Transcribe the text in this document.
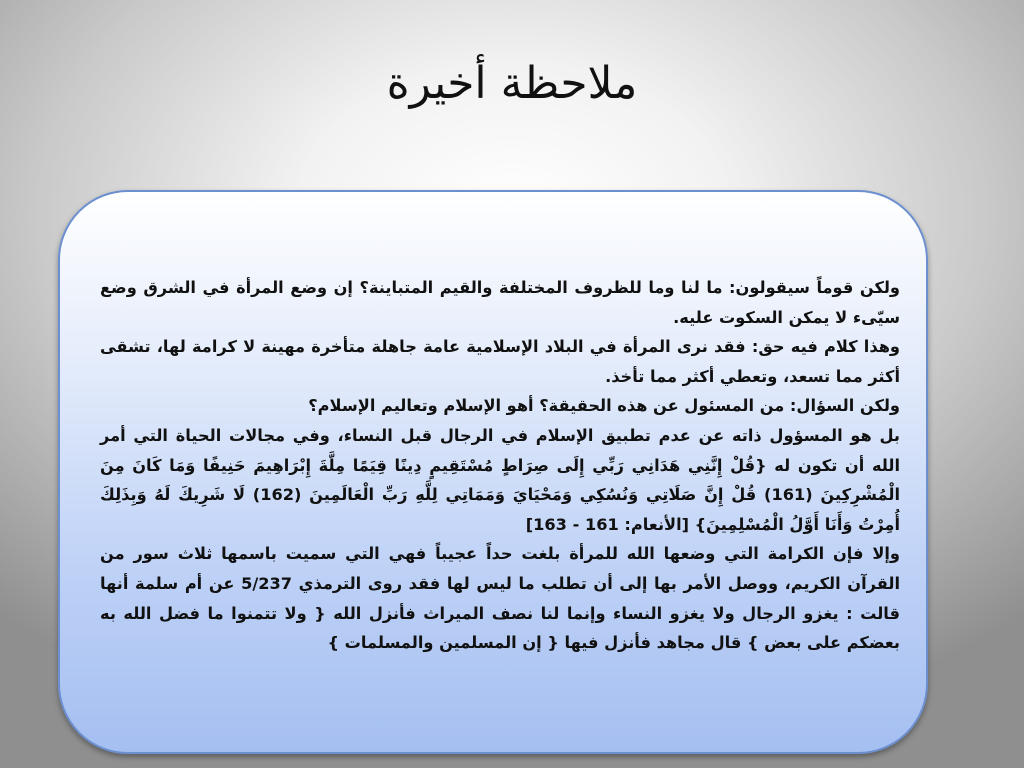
ملاحظة أخيرة

ولكن قوماً سيقولون: ما لنا وما للظروف المختلفة والقيم المتباينة؟ إن وضع المرأة في الشرق وضع سيّىء لا يمكن السكوت عليه.

وهذا كلام فيه حق: فقد نرى المرأة في البلاد الإسلامية عامة جاهلة متأخرة مهينة لا كرامة لها، تشقى أكثر مما تسعد، وتعطي أكثر مما تأخذ.

ولكن السؤال: من المسئول عن هذه الحقيقة؟ أهو الإسلام وتعاليم الإسلام؟

بل هو المسؤول ذاته عن عدم تطبيق الإسلام في الرجال قبل النساء، وفي مجالات الحياة التي أمر الله أن تكون له {قُلْ إِنَّنِي هَدَانِي رَبِّي إِلَى صِرَاطٍ مُسْتَقِيمٍ دِينًا قِيَمًا مِلَّةَ إِبْرَاهِيمَ حَنِيفًا وَمَا كَانَ مِنَ الْمُشْرِكِينَ (161) قُلْ إِنَّ صَلَاتِي وَنُسُكِي وَمَحْيَايَ وَمَمَاتِي لِلَّهِ رَبِّ الْعَالَمِينَ (162) لَا شَرِيكَ لَهُ وَبِذَلِكَ أُمِرْتُ وَأَنَا أَوَّلُ الْمُسْلِمِينَ} [الأنعام: 161 - 163]

وإلا فإن الكرامة التي وضعها الله للمرأة بلغت حداً عجيباً فهي التي سميت باسمها ثلاث سور من القرآن الكريم، ووصل الأمر بها إلى أن تطلب ما ليس لها فقد روى الترمذي 5/237 عن أم سلمة أنها قالت : يغزو الرجال ولا يغزو النساء وإنما لنا نصف الميراث فأنزل الله { ولا تتمنوا ما فضل الله به بعضكم على بعض } قال مجاهد فأنزل فيها { إن المسلمين والمسلمات }
